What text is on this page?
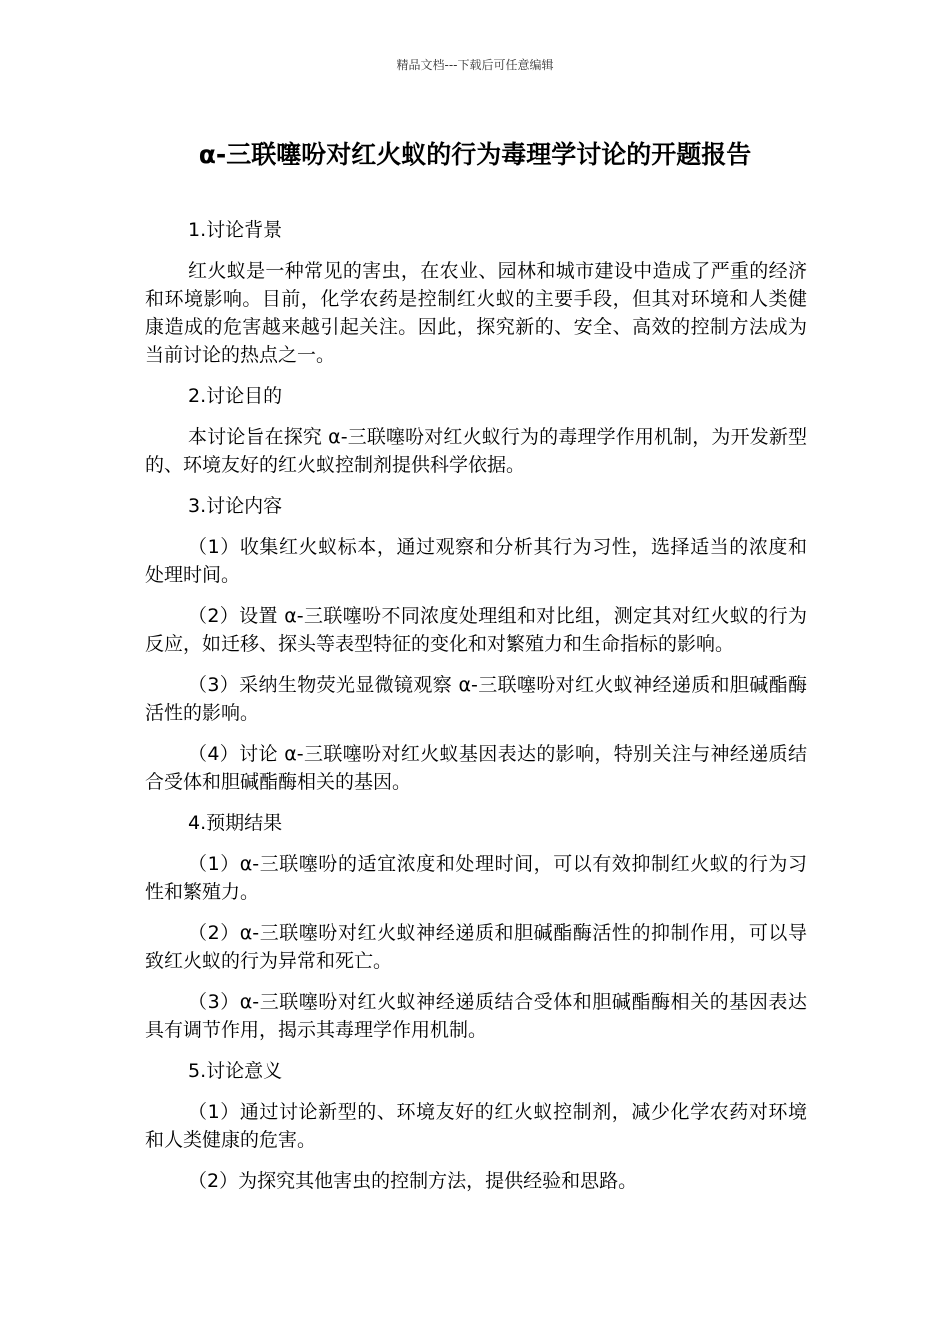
精品文档---下载后可任意编辑
α-三联噻吩对红火蚁的行为毒理学讨论的开题报告

1.讨论背景

红火蚁是一种常见的害虫，在农业、园林和城市建设中造成了严重的经济和环境影响。目前，化学农药是控制红火蚁的主要手段，但其对环境和人类健康造成的危害越来越引起关注。因此，探究新的、安全、高效的控制方法成为当前讨论的热点之一。

2.讨论目的

本讨论旨在探究 α-三联噻吩对红火蚁行为的毒理学作用机制，为开发新型的、环境友好的红火蚁控制剂提供科学依据。

3.讨论内容

（1）收集红火蚁标本，通过观察和分析其行为习性，选择适当的浓度和处理时间。

（2）设置 α-三联噻吩不同浓度处理组和对比组，测定其对红火蚁的行为反应，如迁移、探头等表型特征的变化和对繁殖力和生命指标的影响。

（3）采纳生物荧光显微镜观察 α-三联噻吩对红火蚁神经递质和胆碱酯酶活性的影响。

（4）讨论 α-三联噻吩对红火蚁基因表达的影响，特别关注与神经递质结合受体和胆碱酯酶相关的基因。

4.预期结果

（1）α-三联噻吩的适宜浓度和处理时间，可以有效抑制红火蚁的行为习性和繁殖力。

（2）α-三联噻吩对红火蚁神经递质和胆碱酯酶活性的抑制作用，可以导致红火蚁的行为异常和死亡。

（3）α-三联噻吩对红火蚁神经递质结合受体和胆碱酯酶相关的基因表达具有调节作用，揭示其毒理学作用机制。

5.讨论意义

（1）通过讨论新型的、环境友好的红火蚁控制剂，减少化学农药对环境和人类健康的危害。

（2）为探究其他害虫的控制方法，提供经验和思路。
